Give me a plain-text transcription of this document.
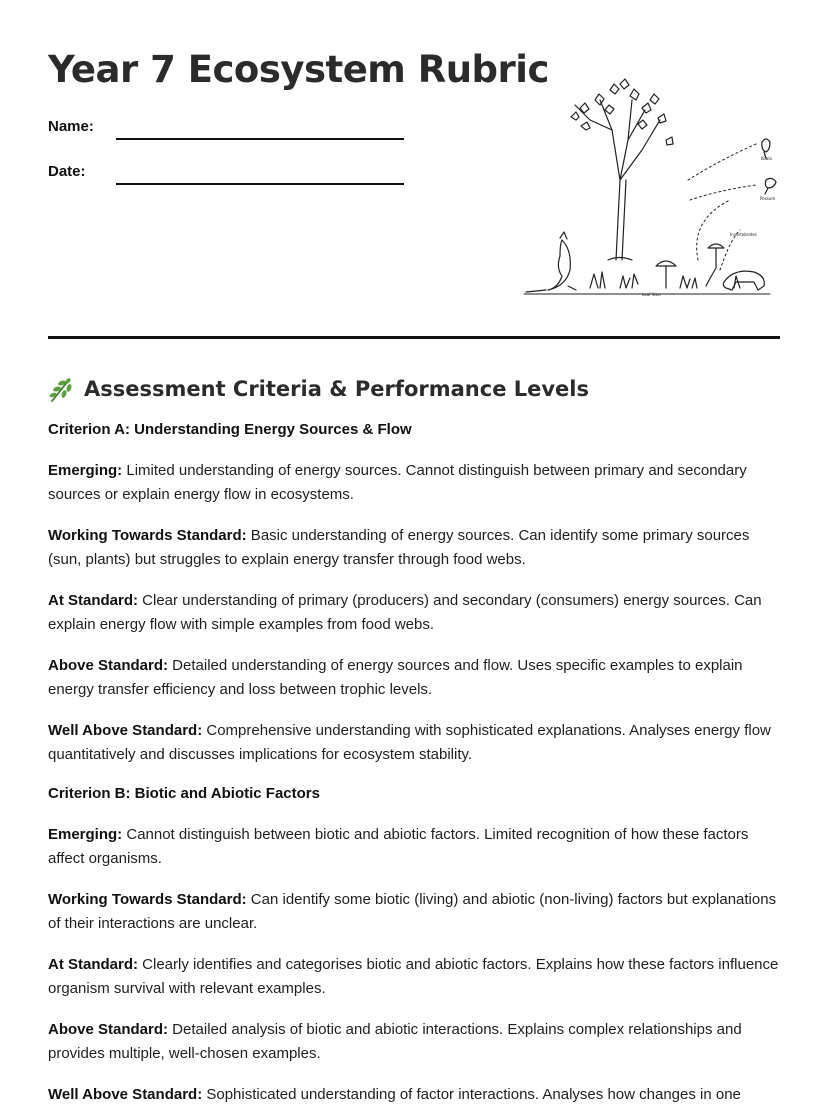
Year 7 Ecosystem Rubric
Name:
Date:
Koala
Possum
Invertebrates
Leaf litter
Assessment Criteria & Performance Levels
Criterion A: Understanding Energy Sources & Flow

Emerging: Limited understanding of energy sources. Cannot distinguish between primary and secondary sources or explain energy flow in ecosystems.

Working Towards Standard: Basic understanding of energy sources. Can identify some primary sources (sun, plants) but struggles to explain energy transfer through food webs.

At Standard: Clear understanding of primary (producers) and secondary (consumers) energy sources. Can explain energy flow with simple examples from food webs.

Above Standard: Detailed understanding of energy sources and flow. Uses specific examples to explain energy transfer efficiency and loss between trophic levels.

Well Above Standard: Comprehensive understanding with sophisticated explanations. Analyses energy flow quantitatively and discusses implications for ecosystem stability.

Criterion B: Biotic and Abiotic Factors

Emerging: Cannot distinguish between biotic and abiotic factors. Limited recognition of how these factors affect organisms.

Working Towards Standard: Can identify some biotic (living) and abiotic (non-living) factors but explanations of their interactions are unclear.

At Standard: Clearly identifies and categorises biotic and abiotic factors. Explains how these factors influence organism survival with relevant examples.

Above Standard: Detailed analysis of biotic and abiotic interactions. Explains complex relationships and provides multiple, well-chosen examples.

Well Above Standard: Sophisticated understanding of factor interactions. Analyses how changes in one
